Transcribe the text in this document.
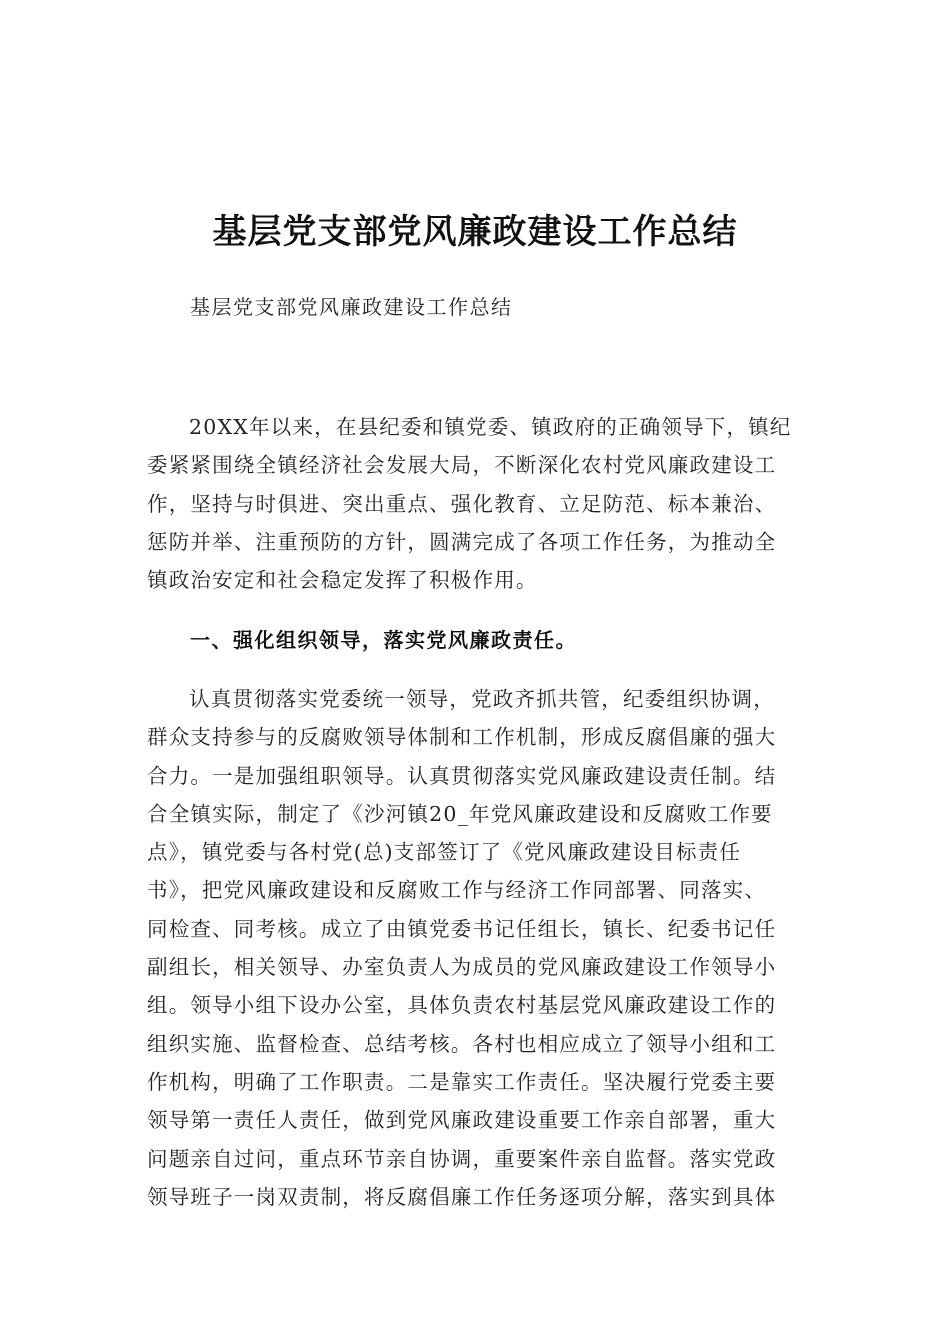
基层党支部党风廉政建设工作总结
基层党支部党风廉政建设工作总结
20XX年以来，在县纪委和镇党委、镇政府的正确领导下，镇纪
委紧紧围绕全镇经济社会发展大局，不断深化农村党风廉政建设工
作，坚持与时俱进、突出重点、强化教育、立足防范、标本兼治、
惩防并举、注重预防的方针，圆满完成了各项工作任务，为推动全
镇政治安定和社会稳定发挥了积极作用。
一、强化组织领导，落实党风廉政责任。
认真贯彻落实党委统一领导，党政齐抓共管，纪委组织协调，
群众支持参与的反腐败领导体制和工作机制，形成反腐倡廉的强大
合力。一是加强组职领导。认真贯彻落实党风廉政建设责任制。结
合全镇实际，制定了《沙河镇20_年党风廉政建设和反腐败工作要
点》，镇党委与各村党(总)支部签订了《党风廉政建设目标责任
书》，把党风廉政建设和反腐败工作与经济工作同部署、同落实、
同检查、同考核。成立了由镇党委书记任组长，镇长、纪委书记任
副组长，相关领导、办室负责人为成员的党风廉政建设工作领导小
组。领导小组下设办公室，具体负责农村基层党风廉政建设工作的
组织实施、监督检查、总结考核。各村也相应成立了领导小组和工
作机构，明确了工作职责。二是靠实工作责任。坚决履行党委主要
领导第一责任人责任，做到党风廉政建设重要工作亲自部署，重大
问题亲自过问，重点环节亲自协调，重要案件亲自监督。落实党政
领导班子一岗双责制，将反腐倡廉工作任务逐项分解，落实到具体
